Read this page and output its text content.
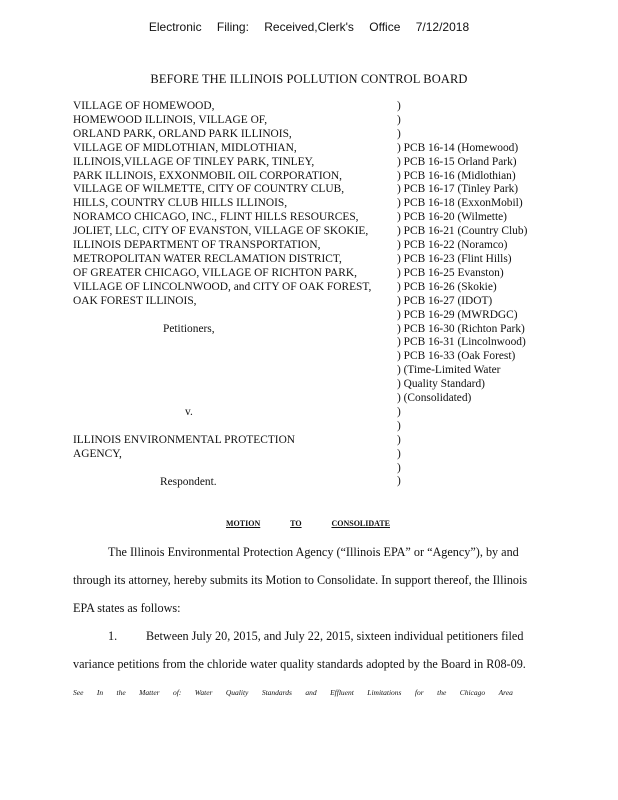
Electronic Filing: Received,Clerk's Office 7/12/2018
BEFORE THE ILLINOIS POLLUTION CONTROL BOARD
VILLAGE OF HOMEWOOD,
HOMEWOOD ILLINOIS, VILLAGE OF,
ORLAND PARK, ORLAND PARK ILLINOIS,
VILLAGE OF MIDLOTHIAN, MIDLOTHIAN,
ILLINOIS,VILLAGE OF TINLEY PARK, TINLEY,
PARK ILLINOIS, EXXONMOBIL OIL CORPORATION,
VILLAGE OF WILMETTE, CITY OF COUNTRY CLUB,
HILLS, COUNTRY CLUB HILLS ILLINOIS,
NORAMCO CHICAGO, INC., FLINT HILLS RESOURCES,
JOLIET, LLC, CITY OF EVANSTON, VILLAGE OF SKOKIE,
ILLINOIS DEPARTMENT OF TRANSPORTATION,
METROPOLITAN WATER RECLAMATION DISTRICT,
OF GREATER CHICAGO, VILLAGE OF RICHTON PARK,
VILLAGE OF LINCOLNWOOD, and CITY OF OAK FOREST,
OAK FOREST ILLINOIS,
)
)
)
) PCB 16-14 (Homewood)
) PCB 16-15 Orland Park)
) PCB 16-16 (Midlothian)
) PCB 16-17 (Tinley Park)
) PCB 16-18 (ExxonMobil)
) PCB 16-20 (Wilmette)
) PCB 16-21 (Country Club)
) PCB 16-22 (Noramco)
) PCB 16-23 (Flint Hills)
) PCB 16-25 Evanston)
) PCB 16-26 (Skokie)
) PCB 16-27 (IDOT)
) PCB 16-29 (MWRDGC)
) PCB 16-30 (Richton Park)
) PCB 16-31 (Lincolnwood)
) PCB 16-33 (Oak Forest)
) (Time-Limited Water
) Quality Standard)
) (Consolidated)
)
)
)
)
)
)
Petitioners,
v.
ILLINOIS ENVIRONMENTAL PROTECTION
AGENCY,
Respondent.
MOTION	TO	CONSOLIDATE
The Illinois Environmental Protection Agency (“Illinois EPA” or “Agency”), by and
through its attorney, hereby submits its Motion to Consolidate. In support thereof, the Illinois
EPA states as follows:
1. Between July 20, 2015, and July 22, 2015, sixteen individual petitioners filed
variance petitions from the chloride water quality standards adopted by the Board in R08-09.
See In the Matter of: Water Quality Standards and Effluent Limitations for the Chicago Area
